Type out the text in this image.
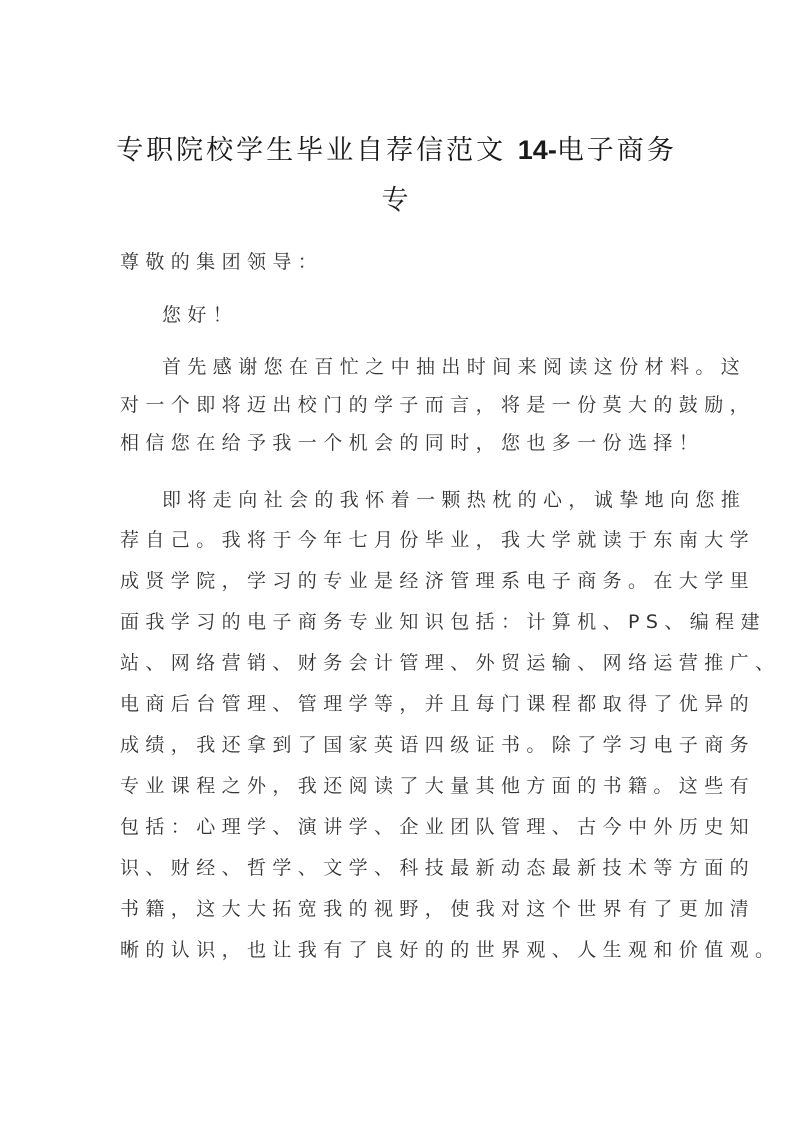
专职院校学生毕业自荐信范文 14-电子商务
专
尊敬的集团领导：
您好！
首先感谢您在百忙之中抽出时间来阅读这份材料。这
对一个即将迈出校门的学子而言，将是一份莫大的鼓励，
相信您在给予我一个机会的同时，您也多一份选择！
即将走向社会的我怀着一颗热枕的心，诚挚地向您推
荐自己。我将于今年七月份毕业，我大学就读于东南大学
成贤学院，学习的专业是经济管理系电子商务。在大学里
面我学习的电子商务专业知识包括：计算机、PS、编程建
站、网络营销、财务会计管理、外贸运输、网络运营推广、
电商后台管理、管理学等，并且每门课程都取得了优异的
成绩，我还拿到了国家英语四级证书。除了学习电子商务
专业课程之外，我还阅读了大量其他方面的书籍。这些有
包括：心理学、演讲学、企业团队管理、古今中外历史知
识、财经、哲学、文学、科技最新动态最新技术等方面的
书籍，这大大拓宽我的视野，使我对这个世界有了更加清
晰的认识，也让我有了良好的的世界观、人生观和价值观。
